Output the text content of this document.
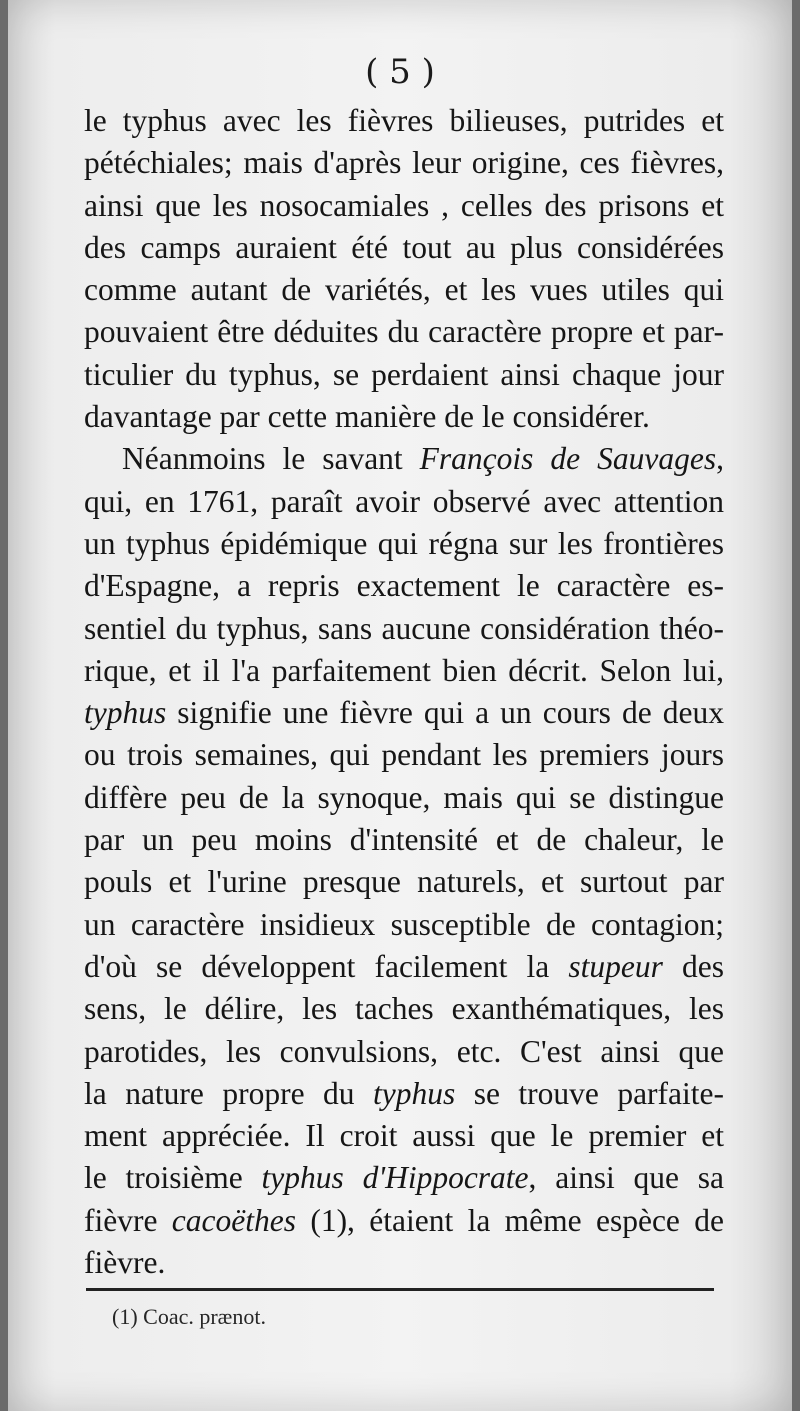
( 5 )
le typhus avec les fièvres bilieuses, putrides et
pétéchiales; mais d'après leur origine, ces fièvres,
ainsi que les nosocamiales , celles des prisons et
des camps auraient été tout au plus considérées
comme autant de variétés, et les vues utiles qui
pouvaient être déduites du caractère propre et par-
ticulier du typhus, se perdaient ainsi chaque jour
davantage par cette manière de le considérer.
Néanmoins le savant François de Sauvages,
qui, en 1761, paraît avoir observé avec attention
un typhus épidémique qui régna sur les frontières
d'Espagne, a repris exactement le caractère es-
sentiel du typhus, sans aucune considération théo-
rique, et il l'a parfaitement bien décrit. Selon lui,
typhus signifie une fièvre qui a un cours de deux
ou trois semaines, qui pendant les premiers jours
diffère peu de la synoque, mais qui se distingue
par un peu moins d'intensité et de chaleur, le
pouls et l'urine presque naturels, et surtout par
un caractère insidieux susceptible de contagion;
d'où se développent facilement la stupeur des
sens, le délire, les taches exanthématiques, les
parotides, les convulsions, etc. C'est ainsi que
la nature propre du typhus se trouve parfaite-
ment appréciée. Il croit aussi que le premier et
le troisième typhus d'Hippocrate, ainsi que sa
fièvre cacoëthes (1), étaient la même espèce de
fièvre.
(1) Coac. prænot.
